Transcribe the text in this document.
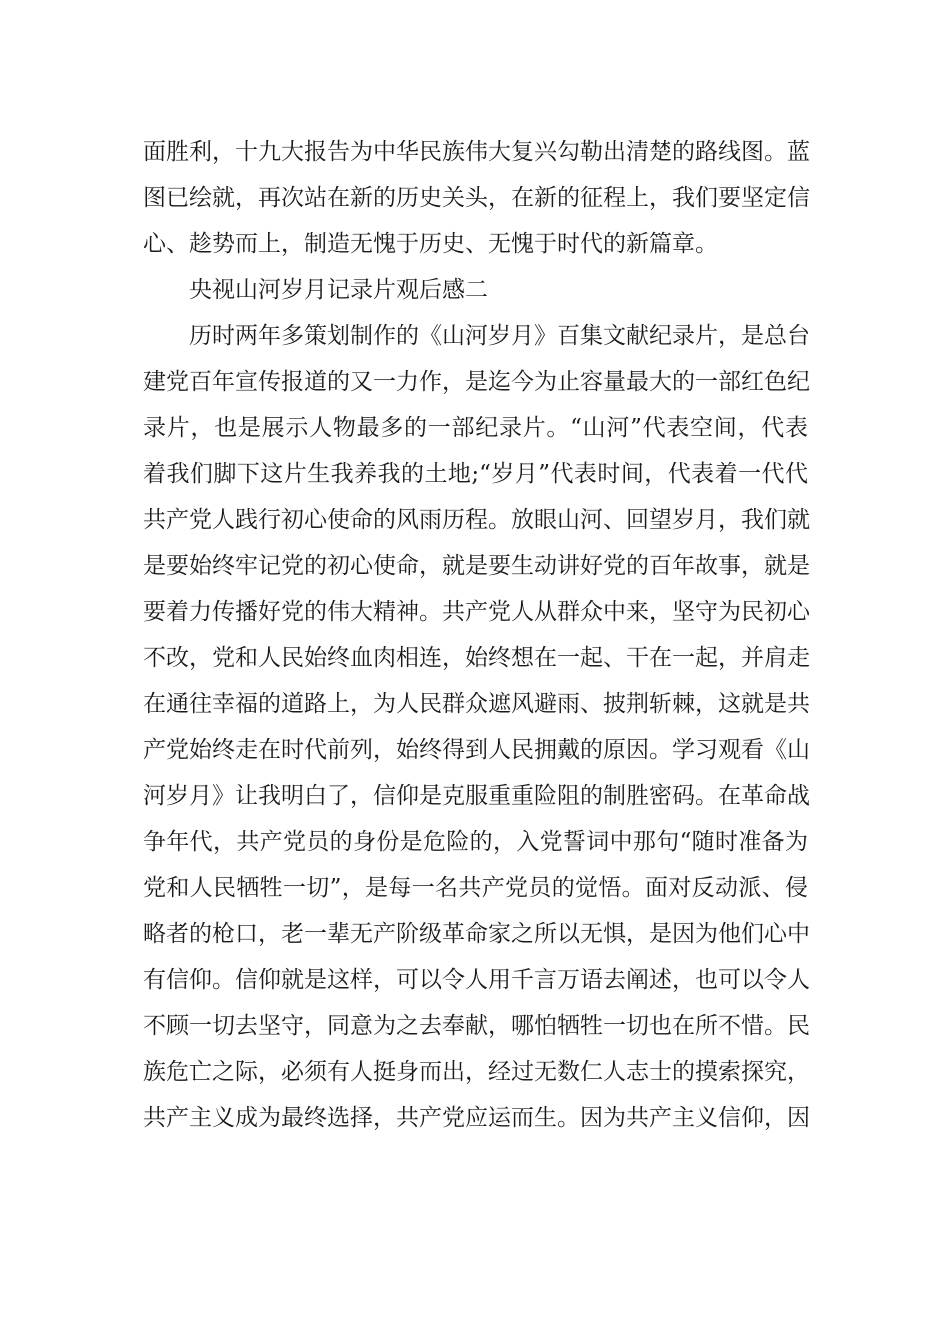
面胜利，十九大报告为中华民族伟大复兴勾勒出清楚的路线图。蓝
图已绘就，再次站在新的历史关头，在新的征程上，我们要坚定信
心、趁势而上，制造无愧于历史、无愧于时代的新篇章。
央视山河岁月记录片观后感二
历时两年多策划制作的《山河岁月》百集文献纪录片，是总台
建党百年宣传报道的又一力作，是迄今为止容量最大的一部红色纪
录片，也是展示人物最多的一部纪录片。“山河”代表空间，代表
着我们脚下这片生我养我的土地;“岁月”代表时间，代表着一代代
共产党人践行初心使命的风雨历程。放眼山河、回望岁月，我们就
是要始终牢记党的初心使命，就是要生动讲好党的百年故事，就是
要着力传播好党的伟大精神。共产党人从群众中来，坚守为民初心
不改，党和人民始终血肉相连，始终想在一起、干在一起，并肩走
在通往幸福的道路上，为人民群众遮风避雨、披荆斩棘，这就是共
产党始终走在时代前列，始终得到人民拥戴的原因。学习观看《山
河岁月》让我明白了，信仰是克服重重险阻的制胜密码。在革命战
争年代，共产党员的身份是危险的，入党誓词中那句“随时准备为
党和人民牺牲一切”，是每一名共产党员的觉悟。面对反动派、侵
略者的枪口，老一辈无产阶级革命家之所以无惧，是因为他们心中
有信仰。信仰就是这样，可以令人用千言万语去阐述，也可以令人
不顾一切去坚守，同意为之去奉献，哪怕牺牲一切也在所不惜。民
族危亡之际，必须有人挺身而出，经过无数仁人志士的摸索探究，
共产主义成为最终选择，共产党应运而生。因为共产主义信仰，因
